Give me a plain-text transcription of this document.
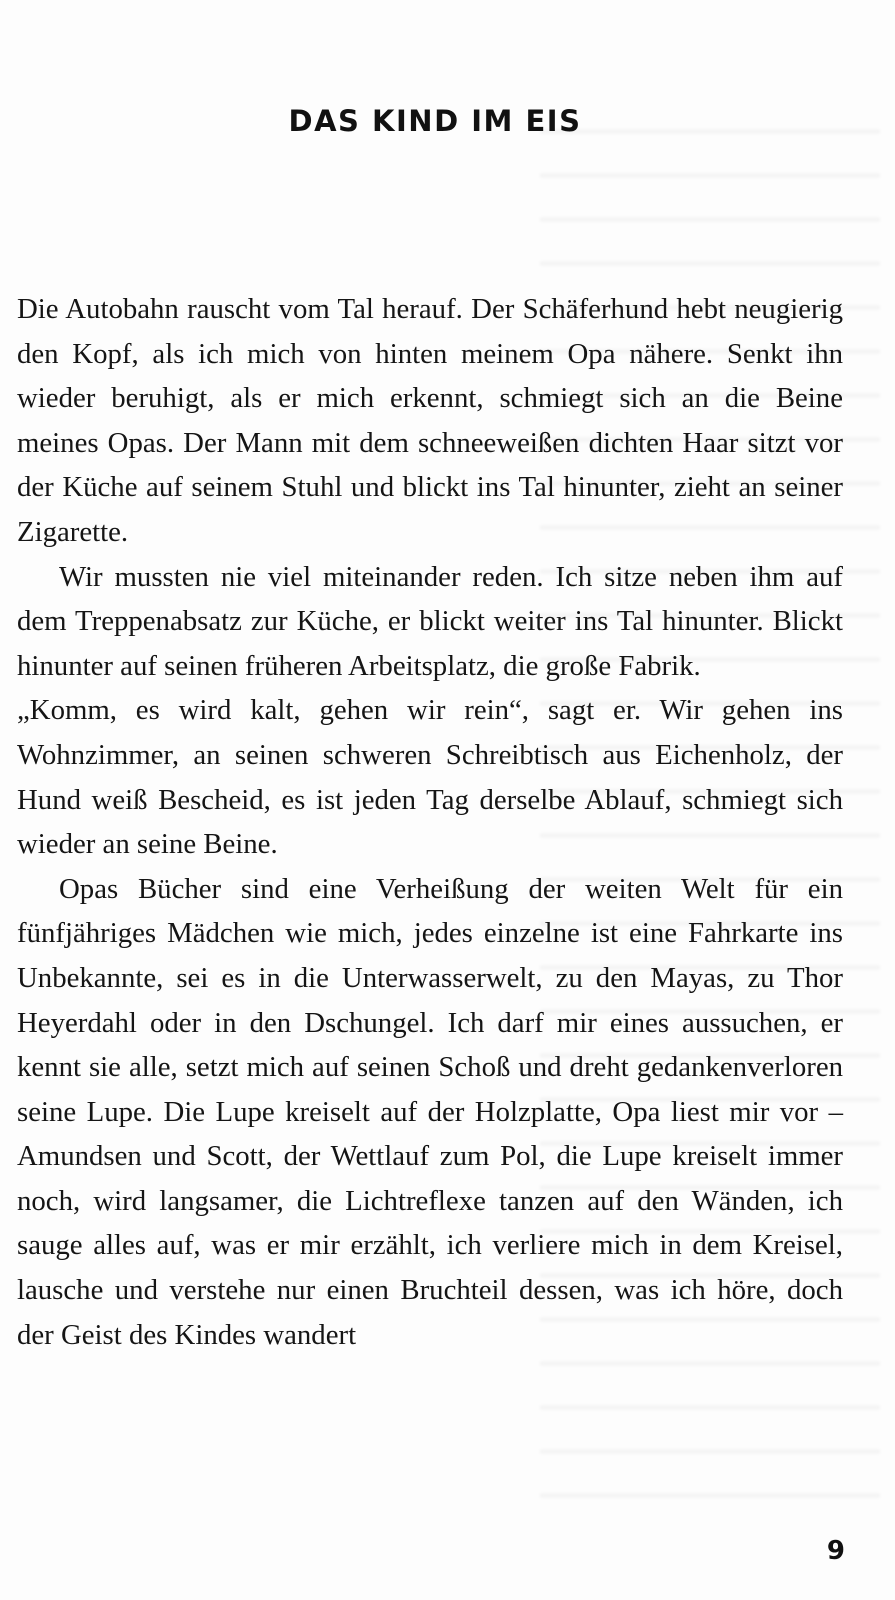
DAS KIND IM EIS

Die Autobahn rauscht vom Tal herauf. Der Schäferhund hebt neugierig den Kopf, als ich mich von hinten meinem Opa nähere. Senkt ihn wieder beruhigt, als er mich erkennt, schmiegt sich an die Beine meines Opas. Der Mann mit dem schneeweißen dichten Haar sitzt vor der Küche auf seinem Stuhl und blickt ins Tal hinunter, zieht an seiner Zigarette.

Wir mussten nie viel miteinander reden. Ich sitze neben ihm auf dem Treppenabsatz zur Küche, er blickt weiter ins Tal hinunter. Blickt hinunter auf seinen früheren Arbeitsplatz, die große Fabrik.

„Komm, es wird kalt, gehen wir rein“, sagt er. Wir gehen ins Wohnzimmer, an seinen schweren Schreibtisch aus Eichenholz, der Hund weiß Bescheid, es ist jeden Tag derselbe Ablauf, schmiegt sich wieder an seine Beine.

Opas Bücher sind eine Verheißung der weiten Welt für ein fünfjähriges Mädchen wie mich, jedes einzelne ist eine Fahrkarte ins Unbekannte, sei es in die Unterwasserwelt, zu den Mayas, zu Thor Heyerdahl oder in den Dschungel. Ich darf mir eines aussuchen, er kennt sie alle, setzt mich auf seinen Schoß und dreht gedankenverloren seine Lupe. Die Lupe kreiselt auf der Holzplatte, Opa liest mir vor – Amundsen und Scott, der Wettlauf zum Pol, die Lupe kreiselt immer noch, wird langsamer, die Lichtreflexe tanzen auf den Wänden, ich sauge alles auf, was er mir erzählt, ich verliere mich in dem Kreisel, lausche und verstehe nur einen Bruchteil dessen, was ich höre, doch der Geist des Kindes wandert

9
